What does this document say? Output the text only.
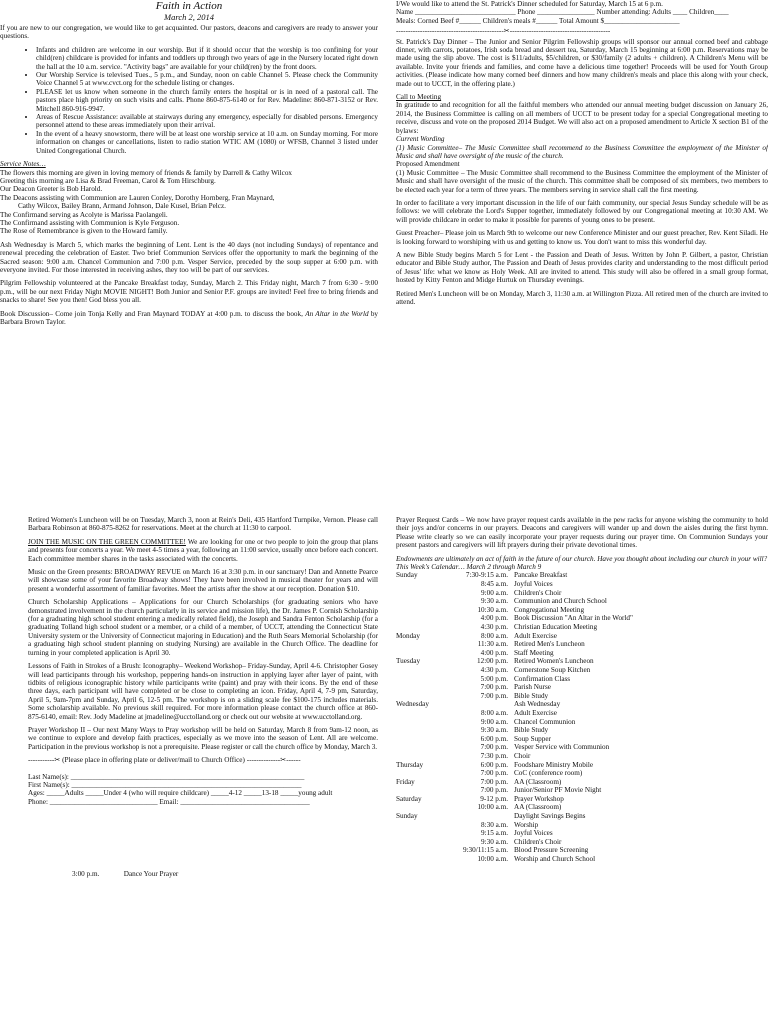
Faith in Action
March 2, 2014

If you are new to our congregation, we would like to get acquainted. Our pastors, deacons and caregivers are ready to answer your questions.

• Infants and children are welcome in our worship. But if it should occur that the worship is too confining for your child(ren) childcare is provided for infants and toddlers up through two years of age in the Nursery located right down the hall at the 10 a.m. service. "Activity bags" are available for your child(ren) by the front doors.
• Our Worship Service is televised Tues., 5 p.m., and Sunday, noon on cable Channel 5. Please check the Community Voice Channel 5 at www.cvct.org for the schedule listing or changes.
• PLEASE let us know when someone in the church family enters the hospital or is in need of a pastoral call. The pastors place high priority on such visits and calls. Phone 860-875-6140 or for Rev. Madeline: 860-871-3152 or Rev. Mitchell 860-916-9947.
• Areas of Rescue Assistance: available at stairways during any emergency, especially for disabled persons. Emergency personnel attend to these areas immediately upon their arrival.
• In the event of a heavy snowstorm, there will be at least one worship service at 10 a.m. on Sunday morning. For more information on changes or cancellations, listen to radio station WTIC AM (1080) or WFSB, Channel 3 listed under United Congregational Church.
Service Notes…
The flowers this morning are given in loving memory of friends & family by Darrell & Cathy Wilcox
Greeting this morning are Lisa & Brad Freeman, Carol & Tom Hirschburg.
Our Deacon Greeter is Bob Harold.
The Deacons assisting with Communion are Lauren Conley, Dorothy Hornberg, Fran Maynard,
Cathy Wilcox, Bailey Brann, Armand Johnson, Dale Kusel, Brian Pelcz.
The Confirmand serving as Acolyte is Marissa Paolangeli.
The Confirmand assisting with Communion is Kyle Ferguson.
The Rose of Remembrance is given to the Howard family.

Ash Wednesday is March 5, which marks the beginning of Lent. Lent is the 40 days (not including Sundays) of repentance and renewal preceding the celebration of Easter. Two brief Communion Services offer the opportunity to mark the beginning of the Sacred season: 9:00 a.m. Chancel Communion and 7:00 p.m. Vesper Service, preceded by the soup supper at 6:00 p.m. with everyone invited. For those interested in receiving ashes, they too will be part of our services.

Pilgrim Fellowship volunteered at the Pancake Breakfast today, Sunday, March 2. This Friday night, March 7 from 6:30 - 9:00 p.m., will be our next Friday Night MOVIE NIGHT! Both Junior and Senior P.F. groups are invited! Feel free to bring friends and snacks to share! See you then! God bless you all.

Book Discussion– Come join Tonja Kelly and Fran Maynard TODAY at 4:00 p.m. to discuss the book, An Altar in the World by Barbara Brown Taylor.

I/We would like to attend the St. Patrick's Dinner scheduled for Saturday, March 15 at 6 p.m.
Name ____________________________ Phone ________________ Number attending: Adults ____ Children____
Meals: Corned Beef #______ Children's meals #______ Total Amount $_____________________
---------------------------------------------✂------------------------------------------

St. Patrick's Day Dinner – The Junior and Senior Pilgrim Fellowship groups will sponsor our annual corned beef and cabbage dinner, with carrots, potatoes, Irish soda bread and dessert tea, Saturday, March 15 beginning at 6:00 p.m. Reservations may be made using the slip above. The cost is $11/adults, $5/children, or $30/family (2 adults + children). A Children's Menu will be available. Invite your friends and families, and come have a delicious time together! Proceeds will be used for Youth Group activities. (Please indicate how many corned beef dinners and how many children's meals and place this along with your check, made out to UCCT, in the offering plate.)

Call to Meeting

In gratitude to and recognition for all the faithful members who attended our annual meeting budget discussion on January 26, 2014, the Business Committee is calling on all members of UCCT to be present today for a special Congregational meeting to receive, discuss and vote on the proposed 2014 Budget. We will also act on a proposed amendment to Article X section B1 of the bylaws:

Current Wording

(1) Music Committee– The Music Committee shall recommend to the Business Committee the employment of the Minister of Music and shall have oversight of the music of the church.

Proposed Amendment

(1) Music Committee – The Music Committee shall recommend to the Business Committee the employment of the Minister of Music and shall have oversight of the music of the church. This committee shall be composed of six members, two members to be elected each year for a term of three years. The members serving in service shall call the first meeting.

In order to facilitate a very important discussion in the life of our faith community, our special Jesus Sunday schedule will be as follows: we will celebrate the Lord's Supper together, immediately followed by our Congregational meeting at 10:30 AM. We will provide childcare in order to make it possible for parents of young ones to be present.

Guest Preacher– Please join us March 9th to welcome our new Conference Minister and our guest preacher, Rev. Kent Siladi. He is looking forward to worshiping with us and getting to know us. You don't want to miss this wonderful day.

A new Bible Study begins March 5 for Lent - the Passion and Death of Jesus. Written by John P. Gilbert, a pastor, Christian educator and Bible Study author, The Passion and Death of Jesus provides clarity and understanding to the most difficult period of Jesus' life: what we know as Holy Week. All are invited to attend. This study will also be offered in a small group format, hosted by Kitty Fenton and Midge Hurtuk on Thursday evenings.

Retired Men's Luncheon will be on Monday, March 3, 11:30 a.m. at Willington Pizza. All retired men of the church are invited to attend.

Retired Women's Luncheon will be on Tuesday, March 3, noon at Rein's Deli, 435 Hartford Turnpike, Vernon. Please call Barbara Robinson at 860-875-8262 for reservations. Meet at the church at 11:30 to carpool.

JOIN THE MUSIC ON THE GREEN COMMITTEE! We are looking for one or two people to join the group that plans and presents four concerts a year. We meet 4-5 times a year, following an 11:00 service, usually once before each concert. Each committee member shares in the tasks associated with the concerts.

Music on the Green presents: BROADWAY REVUE on March 16 at 3:30 p.m. in our sanctuary! Dan and Annette Pearce will showcase some of your favorite Broadway shows! They have been involved in musical theater for years and will present a wonderful assortment of familiar favorites. Meet the artists after the show at our reception. Donation $10.

Church Scholarship Applications – Applications for our Church Scholarships (for graduating seniors who have demonstrated involvement in the church particularly in its service and mission life), the Dr. James P. Cornish Scholarship (for a graduating high school student entering a medically related field), the Joseph and Sandra Fenton Scholarship (for a graduating Tolland high school student or a member, or a child of a member, of UCCT, attending the Connecticut State University system or the University of Connecticut majoring in Education) and the Ruth Sears Memorial Scholarship (for a graduating high school student planning on studying Nursing) are available in the Church Office. The deadline for turning in your completed application is April 30.

Lessons of Faith in Strokes of a Brush: Iconography– Weekend Workshop– Friday-Sunday, April 4-6. Christopher Gosey will lead participants through his workshop, peppering hands-on instruction in applying layer after layer of paint, with tidbits of religious iconographic history while participants write (paint) and pray with their icons. By the end of these three days, each participant will have completed or be close to completing an icon. Friday, April 4, 7-9 pm, Saturday, April 5, 9am-7pm and Sunday, April 6, 12-5 pm. The workshop is on a sliding scale fee $100-175 includes materials. Some scholarship available. No previous skill required. For more information please contact the church office at 860-875-6140, email: Rev. Jody Madeline at jmadeline@ucctolland.org or check out our website at www.ucctolland.org.

Prayer Workshop II – Our next Many Ways to Pray workshop will be held on Saturday, March 8 from 9am-12 noon, as we continue to explore and develop faith practices, especially as we move into the season of Lent. All are welcome. Participation in the previous workshop is not a prerequisite. Please register or call the church office by Monday, March 3.

-----------✂ (Please place in offering plate or deliver/mail to Church Office) --------------✂------
Last Name(s): _________________________________________________________________
First Name(s): ________________________________________________________________
Ages: _____Adults _____Under 4 (who will require childcare) _____4-12 _____13-18 _____young adult
Phone: ______________________________ Email: ____________________________________
3:00 p.m.	Dance Your Prayer

Prayer Request Cards – We now have prayer request cards available in the pew racks for anyone wishing the community to hold their joys and/or concerns in our prayers. Deacons and caregivers will wander up and down the aisles during the first hymn. Please write clearly so we can easily incorporate your prayer requests during our prayer time. On Communion Sundays your present pastors and caregivers will lift prayers during their private devotional times.

Endowments are ultimately an act of faith in the future of our church. Have you thought about including our church in your will?

This Week's Calendar… March 2 through March 9
Sunday	7:30-9:15 a.m. Pancake Breakfast
8:45 a.m. Joyful Voices
9:00 a.m. Children's Choir
9:30 a.m. Communion and Church School
10:30 a.m. Congregational Meeting
4:00 p.m. Book Discussion "An Altar in the World"
4:30 p.m. Christian Education Meeting
Monday	8:00 a.m. Adult Exercise
11:30 a.m. Retired Men's Luncheon
4:00 p.m. Staff Meeting
Tuesday	12:00 p.m. Retired Women's Luncheon
4:30 p.m. Cornerstone Soup Kitchen
5:00 p.m. Confirmation Class
7:00 p.m. Parish Nurse
7:00 p.m. Bible Study
Wednesday	Ash Wednesday
8:00 a.m. Adult Exercise
9:00 a.m. Chancel Communion
9:30 a.m. Bible Study
6:00 p.m. Soup Supper
7:00 p.m. Vesper Service with Communion
7:30 p.m. Choir
Thursday	6:00 p.m. Foodshare Ministry Mobile
7:00 p.m. CoC (conference room)
Friday	7:00 p.m. AA (Classroom)
7:00 p.m. Junior/Senior PF Movie Night
Saturday	9-12 p.m. Prayer Workshop
10:00 a.m. AA (Classroom)
Sunday	Daylight Savings Begins
8:30 a.m. Worship
9:15 a.m. Joyful Voices
9:30 a.m. Children's Choir
9:30/11:15 a.m. Blood Pressure Screening
10:00 a.m. Worship and Church School
